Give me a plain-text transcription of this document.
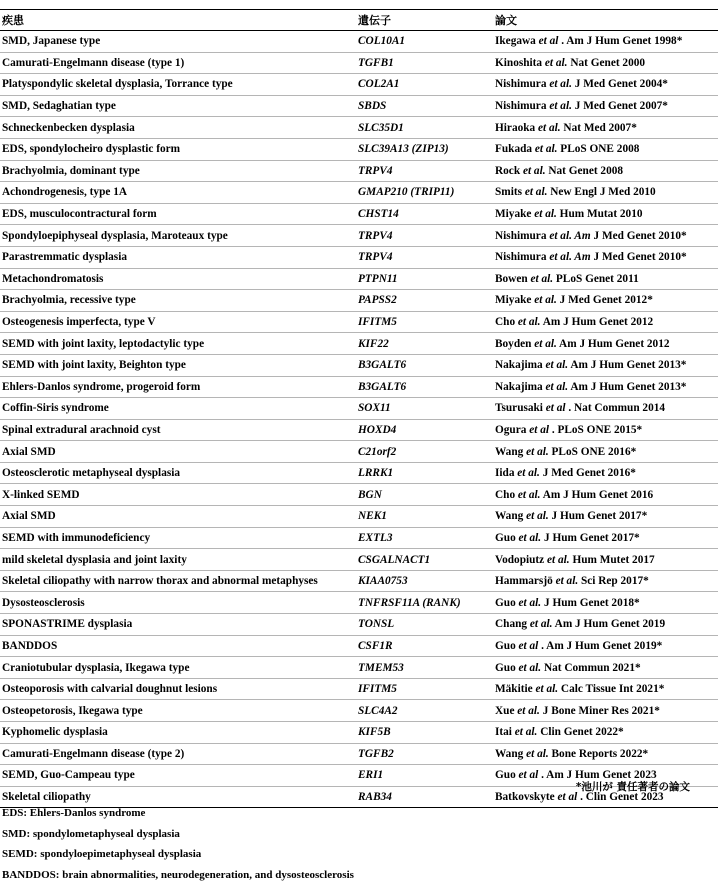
疾患	遺伝子	論文
SMD, Japanese type	COL10A1	Ikegawa et al . Am J Hum Genet 1998*
Camurati-Engelmann disease (type 1)	TGFB1	Kinoshita et al. Nat Genet 2000
Platyspondylic skeletal dysplasia, Torrance type	COL2A1	Nishimura et al. J Med Genet 2004*
SMD, Sedaghatian type	SBDS	Nishimura et al. J Med Genet 2007*
Schneckenbecken dysplasia	SLC35D1	Hiraoka et al. Nat Med 2007*
EDS, spondylocheiro dysplastic form	SLC39A13 (ZIP13)	Fukada et al. PLoS ONE 2008
Brachyolmia, dominant type	TRPV4	Rock et al. Nat Genet 2008
Achondrogenesis, type 1A	GMAP210 (TRIP11)	Smits et al. New Engl J Med 2010
EDS, musculocontractural form	CHST14	Miyake et al. Hum Mutat 2010
Spondyloepiphyseal dysplasia, Maroteaux type	TRPV4	Nishimura et al. Am J Med Genet 2010*
Parastremmatic dysplasia	TRPV4	Nishimura et al. Am J Med Genet 2010*
Metachondromatosis	PTPN11	Bowen et al. PLoS Genet 2011
Brachyolmia, recessive type	PAPSS2	Miyake et al. J Med Genet 2012*
Osteogenesis imperfecta, type V	IFITM5	Cho et al. Am J Hum Genet 2012
SEMD with joint laxity, leptodactylic type	KIF22	Boyden et al. Am J Hum Genet 2012
SEMD with joint laxity, Beighton type	B3GALT6	Nakajima et al. Am J Hum Genet 2013*
Ehlers-Danlos syndrome, progeroid form	B3GALT6	Nakajima et al. Am J Hum Genet 2013*
Coffin-Siris syndrome	SOX11	Tsurusaki et al . Nat Commun 2014
Spinal extradural arachnoid cyst	HOXD4	Ogura et al . PLoS ONE 2015*
Axial SMD	C21orf2	Wang et al. PLoS ONE 2016*
Osteosclerotic metaphyseal dysplasia	LRRK1	Iida et al. J Med Genet 2016*
X-linked SEMD	BGN	Cho et al. Am J Hum Genet 2016
Axial SMD	NEK1	Wang et al. J Hum Genet 2017*
SEMD with immunodeficiency	EXTL3	Guo et al. J Hum Genet 2017*
mild skeletal dysplasia and joint laxity	CSGALNACT1	Vodopiutz et al. Hum Mutet 2017
Skeletal ciliopathy with narrow thorax and abnormal metaphyses	KIAA0753	Hammarsjö et al. Sci Rep 2017*
Dysosteosclerosis	TNFRSF11A (RANK)	Guo et al. J Hum Genet 2018*
SPONASTRIME dysplasia	TONSL	Chang et al. Am J Hum Genet 2019
BANDDOS	CSF1R	Guo et al . Am J Hum Genet 2019*
Craniotubular dysplasia, Ikegawa type	TMEM53	Guo et al. Nat Commun 2021*
Osteoporosis with calvarial doughnut lesions	IFITM5	Mäkitie et al. Calc Tissue Int 2021*
Osteopetorosis, Ikegawa type	SLC4A2	Xue et al. J Bone Miner Res 2021*
Kyphomelic dysplasia	KIF5B	Itai et al. Clin Genet 2022*
Camurati-Engelmann disease (type 2)	TGFB2	Wang et al. Bone Reports 2022*
SEMD, Guo-Campeau type	ERI1	Guo et al . Am J Hum Genet 2023
Skeletal ciliopathy	RAB34	Batkovskyte et al . Clin Genet 2023
*池川が 責任著者の論文
EDS: Ehlers-Danlos syndrome
SMD: spondylometaphyseal dysplasia
SEMD: spondyloepimetaphyseal dysplasia
BANDDOS: brain abnormalities, neurodegeneration, and dysosteosclerosis
